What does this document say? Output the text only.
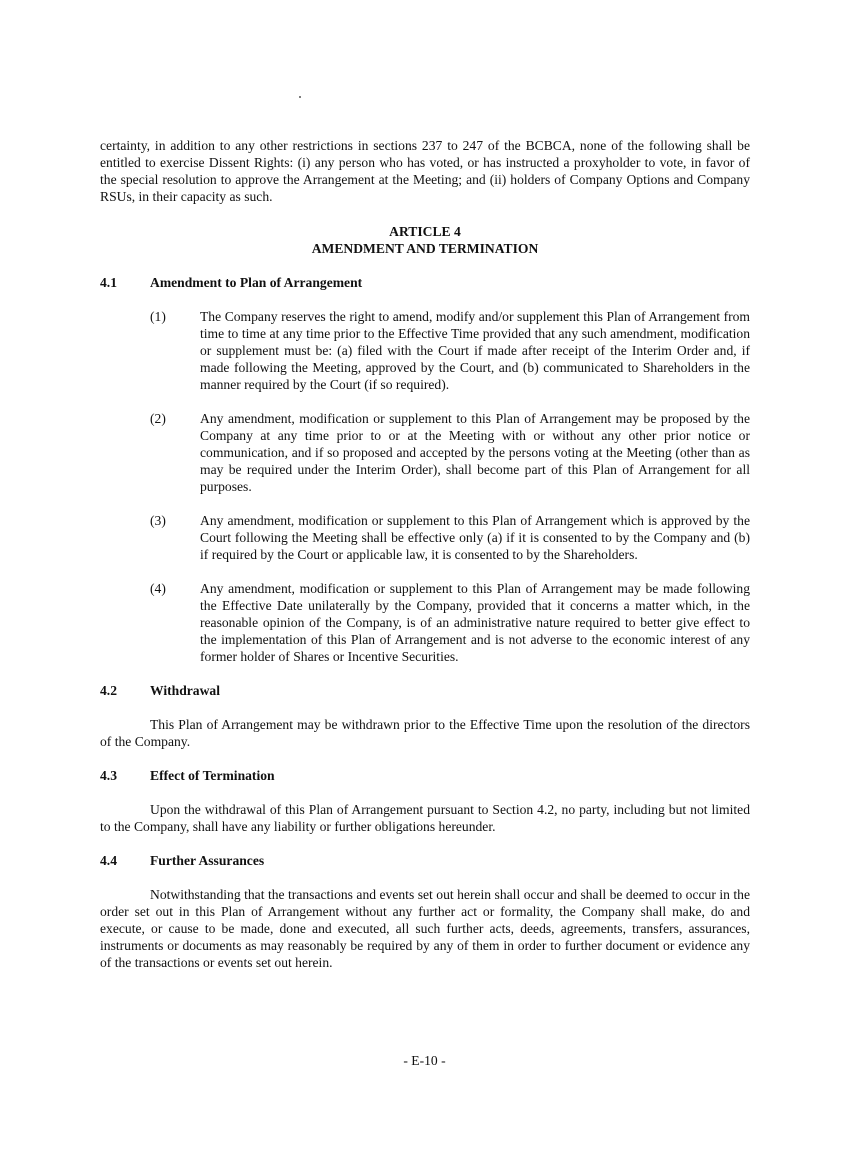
certainty, in addition to any other restrictions in sections 237 to 247 of the BCBCA, none of the following shall be entitled to exercise Dissent Rights: (i) any person who has voted, or has instructed a proxyholder to vote, in favor of the special resolution to approve the Arrangement at the Meeting; and (ii) holders of Company Options and Company RSUs, in their capacity as such.

ARTICLE 4
AMENDMENT AND TERMINATION
4.1	Amendment to Plan of Arrangement
(1)	The Company reserves the right to amend, modify and/or supplement this Plan of Arrangement from time to time at any time prior to the Effective Time provided that any such amendment, modification or supplement must be: (a) filed with the Court if made after receipt of the Interim Order and, if made following the Meeting, approved by the Court, and (b) communicated to Shareholders in the manner required by the Court (if so required).
(2)	Any amendment, modification or supplement to this Plan of Arrangement may be proposed by the Company at any time prior to or at the Meeting with or without any other prior notice or communication, and if so proposed and accepted by the persons voting at the Meeting (other than as may be required under the Interim Order), shall become part of this Plan of Arrangement for all purposes.
(3)	Any amendment, modification or supplement to this Plan of Arrangement which is approved by the Court following the Meeting shall be effective only (a) if it is consented to by the Company and (b) if required by the Court or applicable law, it is consented to by the Shareholders.
(4)	Any amendment, modification or supplement to this Plan of Arrangement may be made following the Effective Date unilaterally by the Company, provided that it concerns a matter which, in the reasonable opinion of the Company, is of an administrative nature required to better give effect to the implementation of this Plan of Arrangement and is not adverse to the economic interest of any former holder of Shares or Incentive Securities.
4.2	Withdrawal

This Plan of Arrangement may be withdrawn prior to the Effective Time upon the resolution of the directors of the Company.

4.3	Effect of Termination

Upon the withdrawal of this Plan of Arrangement pursuant to Section 4.2, no party, including but not limited to the Company, shall have any liability or further obligations hereunder.

4.4	Further Assurances

Notwithstanding that the transactions and events set out herein shall occur and shall be deemed to occur in the order set out in this Plan of Arrangement without any further act or formality, the Company shall make, do and execute, or cause to be made, done and executed, all such further acts, deeds, agreements, transfers, assurances, instruments or documents as may reasonably be required by any of them in order to further document or evidence any of the transactions or events set out herein.

- E-10 -
